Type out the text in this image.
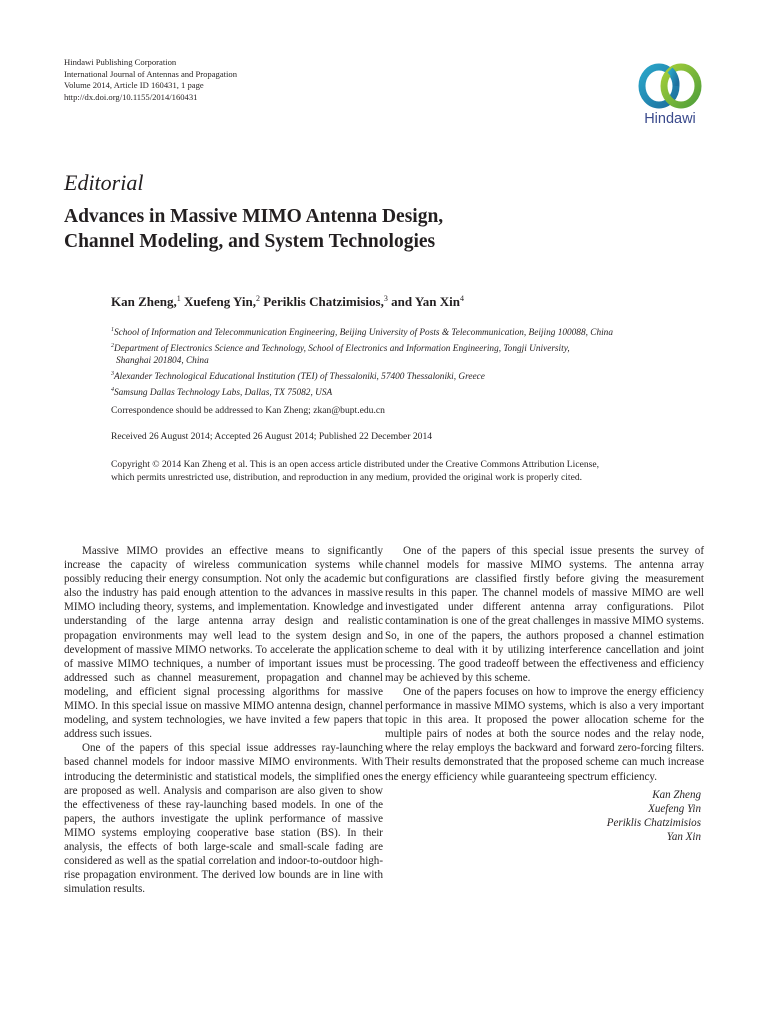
Hindawi Publishing Corporation
International Journal of Antennas and Propagation
Volume 2014, Article ID 160431, 1 page
http://dx.doi.org/10.1155/2014/160431
Hindawi
Editorial
Advances in Massive MIMO Antenna Design,
Channel Modeling, and System Technologies
Kan Zheng,$^1$ Xuefeng Yin,$^2$ Periklis Chatzimisios,$^3$ and Yan Xin$^4$
$^1$School of Information and Telecommunication Engineering, Beijing University of Posts & Telecommunication, Beijing 100088, China
$^2$Department of Electronics Science and Technology, School of Electronics and Information Engineering, Tongji University,
Shanghai 201804, China
$^3$Alexander Technological Educational Institution (TEI) of Thessaloniki, 57400 Thessaloniki, Greece
$^4$Samsung Dallas Technology Labs, Dallas, TX 75082, USA
Correspondence should be addressed to Kan Zheng; zkan@bupt.edu.cn
Received 26 August 2014; Accepted 26 August 2014; Published 22 December 2014
Copyright © 2014 Kan Zheng et al. This is an open access article distributed under the Creative Commons Attribution License,
which permits unrestricted use, distribution, and reproduction in any medium, provided the original work is properly cited.

Massive MIMO provides an effective means to significantly increase the capacity of wireless communication systems while possibly reducing their energy consumption. Not only the academic but also the industry has paid enough attention to the advances in massive MIMO including theory, systems, and implementation. Knowledge and understanding of the large antenna array design and realistic propagation environments may well lead to the system design and development of massive MIMO networks. To accelerate the application of massive MIMO techniques, a number of important issues must be addressed such as channel measurement, propagation and channel modeling, and efficient signal processing algorithms for massive MIMO. In this special issue on massive MIMO antenna design, channel modeling, and system technologies, we have invited a few papers that address such issues.

One of the papers of this special issue addresses ray-launching based channel models for indoor massive MIMO environments. With introducing the deterministic and statistical models, the simplified ones are proposed as well. Analysis and comparison are also given to show the effectiveness of these ray-launching based models. In one of the papers, the authors investigate the uplink performance of massive MIMO systems employing cooperative base station (BS). In their analysis, the effects of both large-scale and small-scale fading are considered as well as the spatial correlation and indoor-to-outdoor high-rise propagation environment. The derived low bounds are in line with simulation results.

One of the papers of this special issue presents the survey of channel models for massive MIMO systems. The antenna array configurations are classified firstly before giving the measurement results in this paper. The channel models of massive MIMO are well investigated under different antenna array configurations. Pilot contamination is one of the great challenges in massive MIMO systems. So, in one of the papers, the authors proposed a channel estimation scheme to deal with it by utilizing interference cancellation and joint processing. The good tradeoff between the effectiveness and efficiency may be achieved by this scheme.

One of the papers focuses on how to improve the energy efficiency performance in massive MIMO systems, which is also a very important topic in this area. It proposed the power allocation scheme for the multiple pairs of nodes at both the source nodes and the relay node, where the relay employs the backward and forward zero-forcing filters. Their results demonstrated that the proposed scheme can much increase the energy efficiency while guaranteeing spectrum efficiency.

Kan Zheng
Xuefeng Yin
Periklis Chatzimisios
Yan Xin
